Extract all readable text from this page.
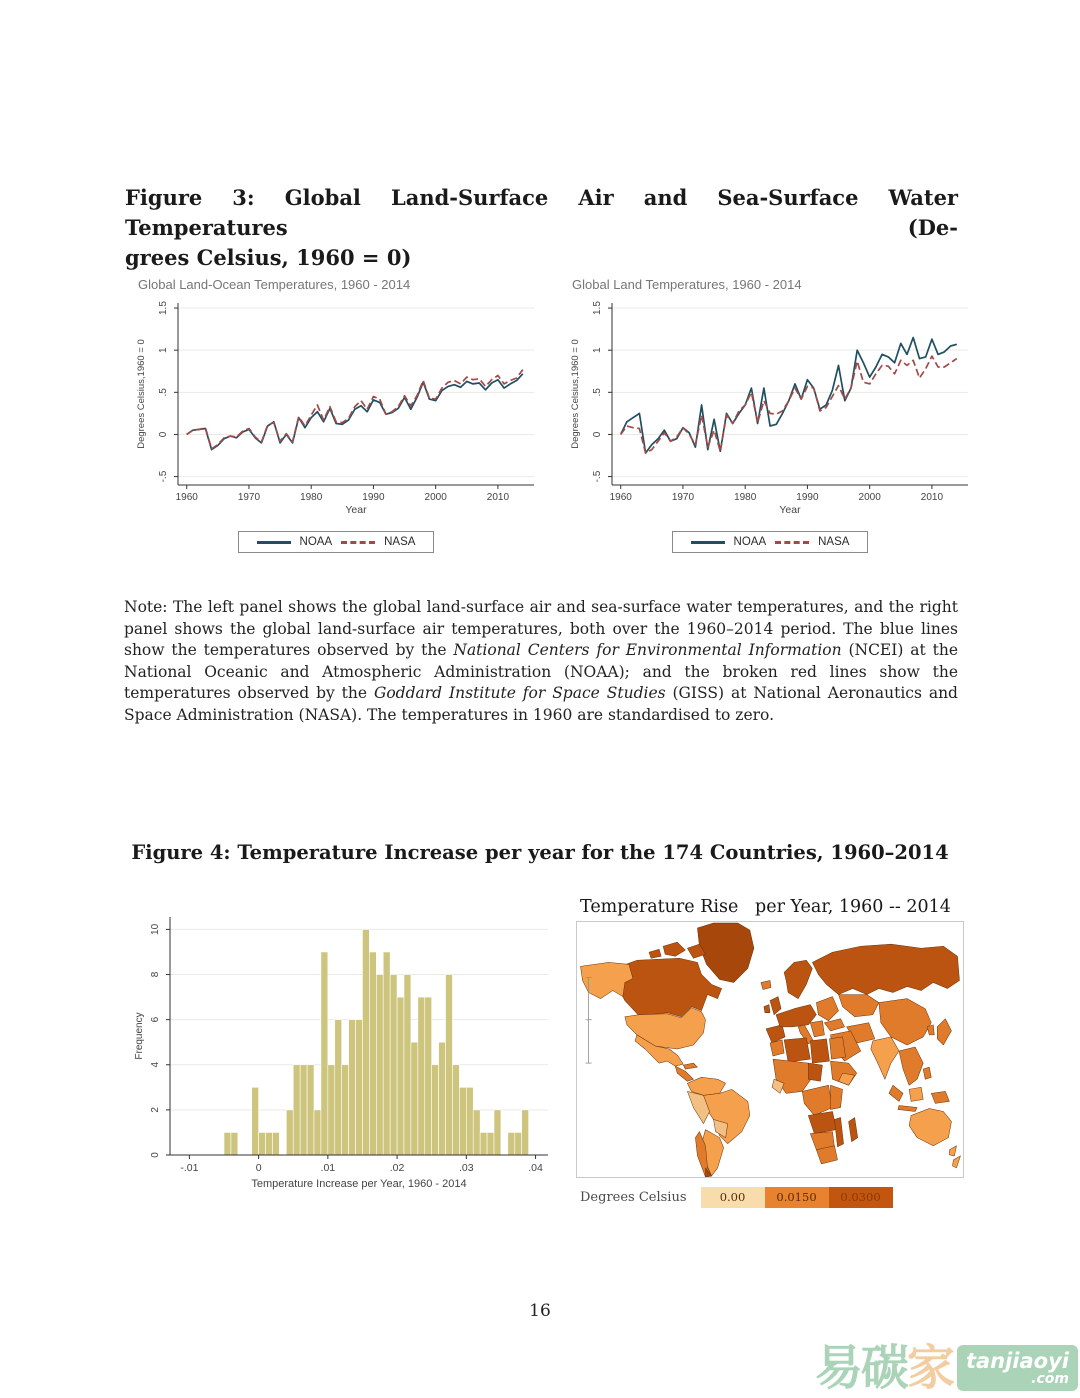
Figure 3: Global Land-Surface Air and Sea-Surface Water Temperatures (De-
grees Celsius, 1960 = 0)
Global Land-Ocean Temperatures, 1960 - 2014
-.5
0
.5
1
1.5
1960	1970	1980	1990	2000	2010
Year
Degrees Celsius,1960 = 0
NOAA	NASA
Global Land Temperatures, 1960 - 2014
-.5
0
.5
1
1.5
1960	1970	1980	1990	2000	2010
Year
Degrees Celsius,1960 = 0
NOAA	NASA
Note: The left panel shows the global land-surface air and sea-surface water temperatures, and the right panel shows the global land-surface air temperatures, both over the 1960–2014 period. The blue lines show the temperatures observed by the National Centers for Environmental Information (NCEI) at the National Oceanic and Atmospheric Administration (NOAA); and the broken red lines show the temperatures observed by the Goddard Institute for Space Studies (GISS) at National Aeronautics and Space Administration (NASA). The temperatures in 1960 are standardised to zero.
Figure 4: Temperature Increase per year for the 174 Countries, 1960–2014
0
2
4
6
8
10
-.01	0	.01	.02	.03	.04
Temperature Increase per Year, 1960 - 2014
Frequency
Temperature Rise   per Year, 1960 -- 2014
Degrees Celsius	0.00	0.0150	0.0300
16
易碳家 tanjiaoyi
.com
